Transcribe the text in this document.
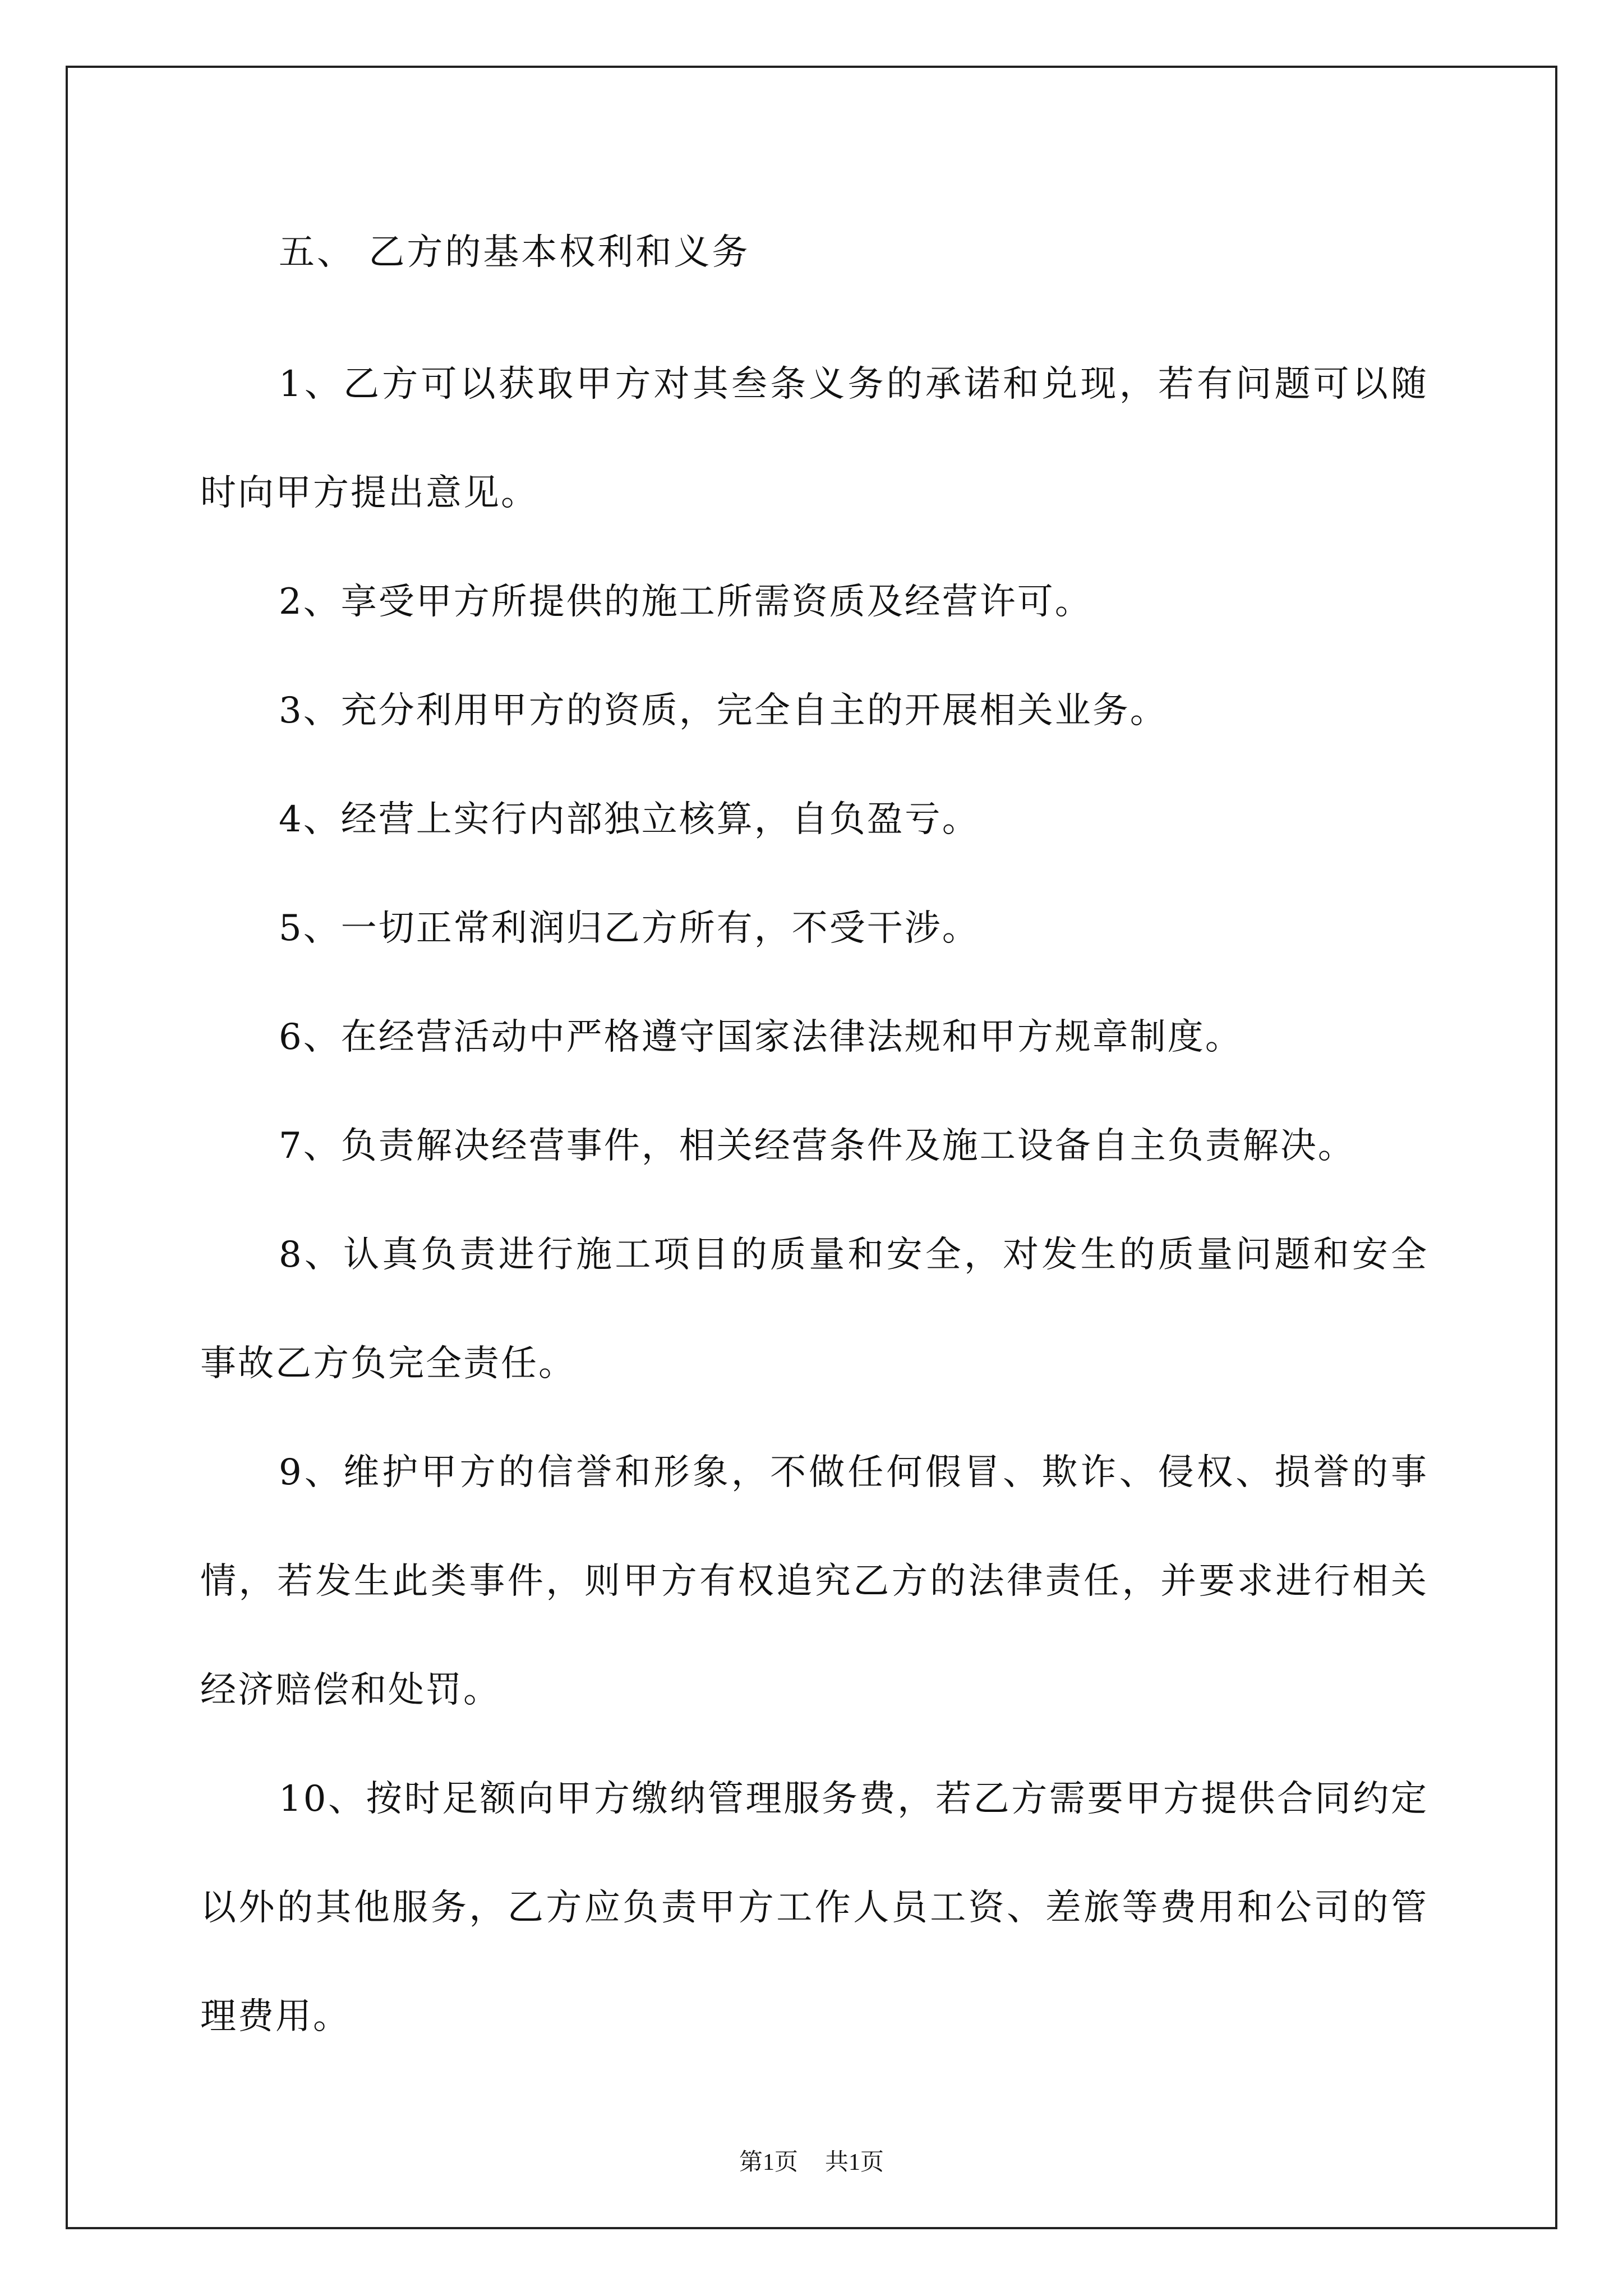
五、 乙方的基本权利和义务

1、乙方可以获取甲方对其叁条义务的承诺和兑现，若有问题可以随时向甲方提出意见。

2、享受甲方所提供的施工所需资质及经营许可。

3、充分利用甲方的资质，完全自主的开展相关业务。

4、经营上实行内部独立核算，自负盈亏。

5、一切正常利润归乙方所有，不受干涉。

6、在经营活动中严格遵守国家法律法规和甲方规章制度。

7、负责解决经营事件，相关经营条件及施工设备自主负责解决。

8、认真负责进行施工项目的质量和安全，对发生的质量问题和安全事故乙方负完全责任。

9、维护甲方的信誉和形象，不做任何假冒、欺诈、侵权、损誉的事情，若发生此类事件，则甲方有权追究乙方的法律责任，并要求进行相关经济赔偿和处罚。

10、按时足额向甲方缴纳管理服务费，若乙方需要甲方提供合同约定以外的其他服务，乙方应负责甲方工作人员工资、差旅等费用和公司的管理费用。

第1页 共1页
